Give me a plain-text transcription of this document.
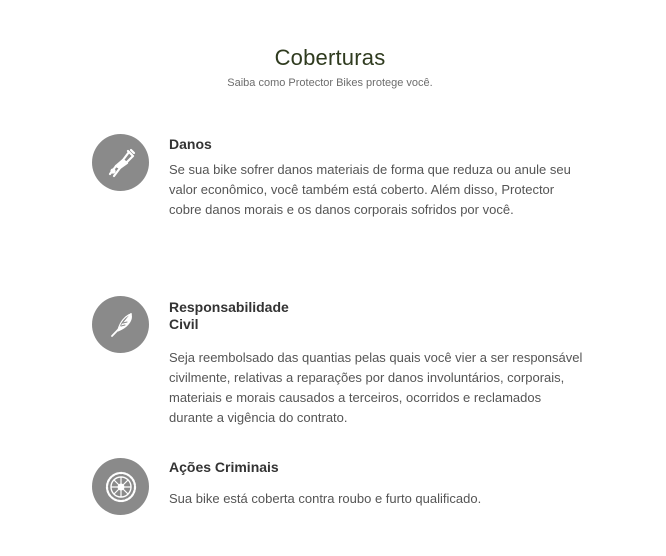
Coberturas

Saiba como Protector Bikes protege você.

Danos

Se sua bike sofrer danos materiais de forma que reduza ou anule seu valor econômico, você também está coberto. Além disso, Protector cobre danos morais e os danos corporais sofridos por você.

Responsabilidade Civil

Seja reembolsado das quantias pelas quais você vier a ser responsável civilmente, relativas a reparações por danos involuntários, corporais, materiais e morais causados a terceiros, ocorridos e reclamados durante a vigência do contrato.

Ações Criminais

Sua bike está coberta contra roubo e furto qualificado.
